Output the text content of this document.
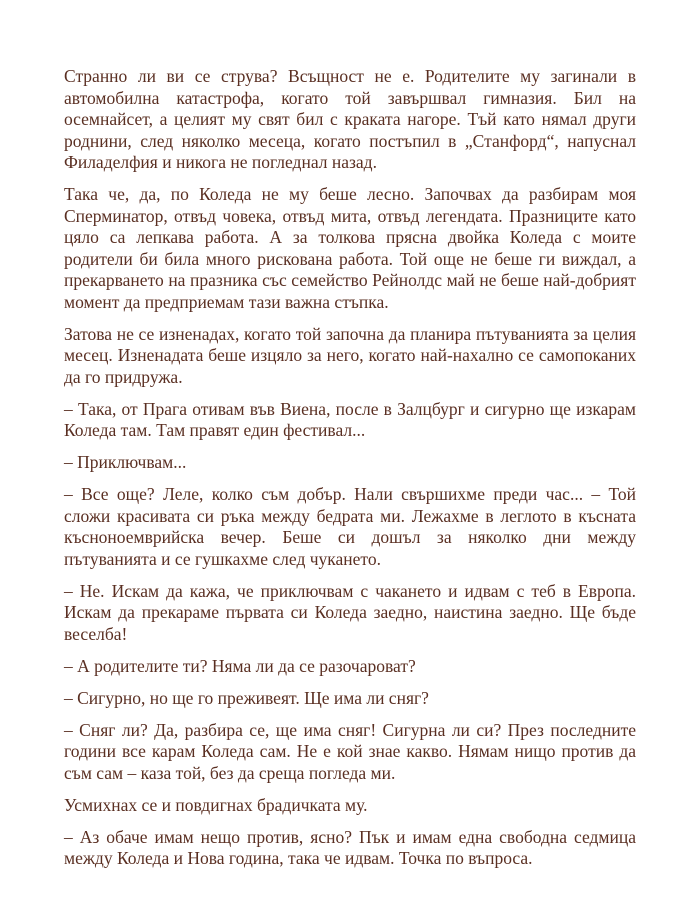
Странно ли ви се струва? Всъщност не е. Родителите му загинали в автомобилна катастрофа, когато той завършвал гимназия. Бил на осемнайсет, а целият му свят бил с краката нагоре. Тъй като нямал други роднини, след няколко месеца, когато постъпил в „Станфорд“, напуснал Филаделфия и никога не погледнал назад.

Така че, да, по Коледа не му беше лесно. Започвах да разбирам моя Сперминатор, отвъд човека, отвъд мита, отвъд легендата. Празниците като цяло са лепкава работа. А за толкова прясна двойка Коледа с моите родители би била много рискована работа. Той още не беше ги виждал, а прекарването на празника със семейство Рейнолдс май не беше най-добрият момент да предприемам тази важна стъпка.

Затова не се изненадах, когато той започна да планира пътуванията за целия месец. Изненадата беше изцяло за него, когато най-нахално се самопоканих да го придружа.

– Така, от Прага отивам във Виена, после в Залцбург и сигурно ще изкарам Коледа там. Там правят един фестивал...

– Приключвам...

– Все още? Леле, колко съм добър. Нали свършихме преди час... – Той сложи красивата си ръка между бедрата ми. Лежахме в леглото в късната късноноемврийска вечер. Беше си дошъл за няколко дни между пътуванията и се гушкахме след чукането.

– Не. Искам да кажа, че приключвам с чакането и идвам с теб в Европа. Искам да прекараме първата си Коледа заедно, наистина заедно. Ще бъде веселба!

– А родителите ти? Няма ли да се разочароват?

– Сигурно, но ще го преживеят. Ще има ли сняг?

– Сняг ли? Да, разбира се, ще има сняг! Сигурна ли си? През последните години все карам Коледа сам. Не е кой знае какво. Нямам нищо против да съм сам – каза той, без да среща погледа ми.

Усмихнах се и повдигнах брадичката му.

– Аз обаче имам нещо против, ясно? Пък и имам една свободна седмица между Коледа и Нова година, така че идвам. Точка по въпроса.
